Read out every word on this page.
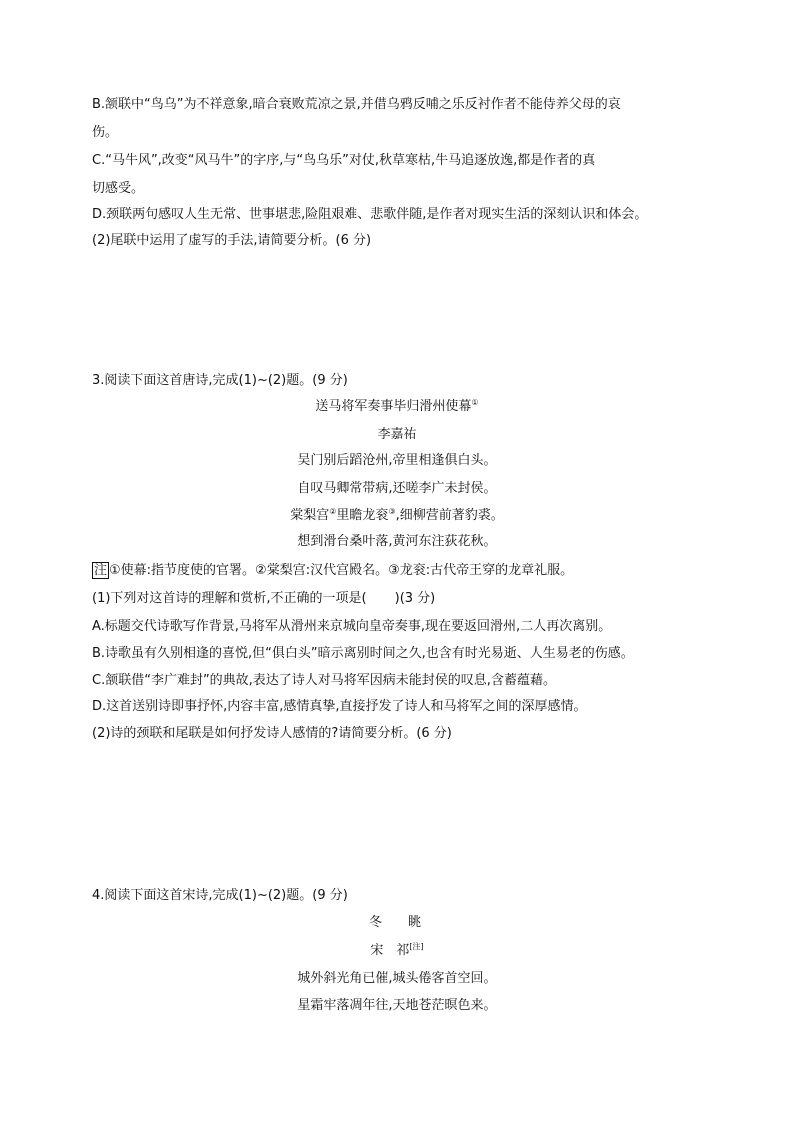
B.颔联中“鸟乌”为不祥意象,暗合衰败荒凉之景,并借乌鸦反哺之乐反衬作者不能侍养父母的哀
伤。
C.“马牛风”,改变“风马牛”的字序,与“鸟乌乐”对仗,秋草寒枯,牛马追逐放逸,都是作者的真
切感受。
D.颈联两句感叹人生无常、世事堪悲,险阻艰难、悲歌伴随,是作者对现实生活的深刻认识和体会。
(2)尾联中运用了虚写的手法,请简要分析。(6 分)
3.阅读下面这首唐诗,完成(1)~(2)题。(9 分)
送马将军奏事毕归滑州使幕①
李嘉祐
吴门别后蹈沧州,帝里相逢俱白头。
自叹马卿常带病,还嗟李广未封侯。
棠梨宫②里瞻龙衮③,细柳营前著豹裘。
想到滑台桑叶落,黄河东注荻花秋。
注 ①使幕:指节度使的官署。②棠梨宫:汉代宫殿名。③龙衮:古代帝王穿的龙章礼服。
(1)下列对这首诗的理解和赏析,不正确的一项是( )(3 分)
A.标题交代诗歌写作背景,马将军从滑州来京城向皇帝奏事,现在要返回滑州,二人再次离别。
B.诗歌虽有久别相逢的喜悦,但“俱白头”暗示离别时间之久,也含有时光易逝、人生易老的伤感。
C.颔联借“李广难封”的典故,表达了诗人对马将军因病未能封侯的叹息,含蓄蕴藉。
D.这首送别诗即事抒怀,内容丰富,感情真挚,直接抒发了诗人和马将军之间的深厚感情。
(2)诗的颈联和尾联是如何抒发诗人感情的?请简要分析。(6 分)
4.阅读下面这首宋诗,完成(1)~(2)题。(9 分)
冬　　眺
宋　祁[注]
城外斜光角已催,城头倦客首空回。
星霜牢落凋年往,天地苍茫暝色来。
